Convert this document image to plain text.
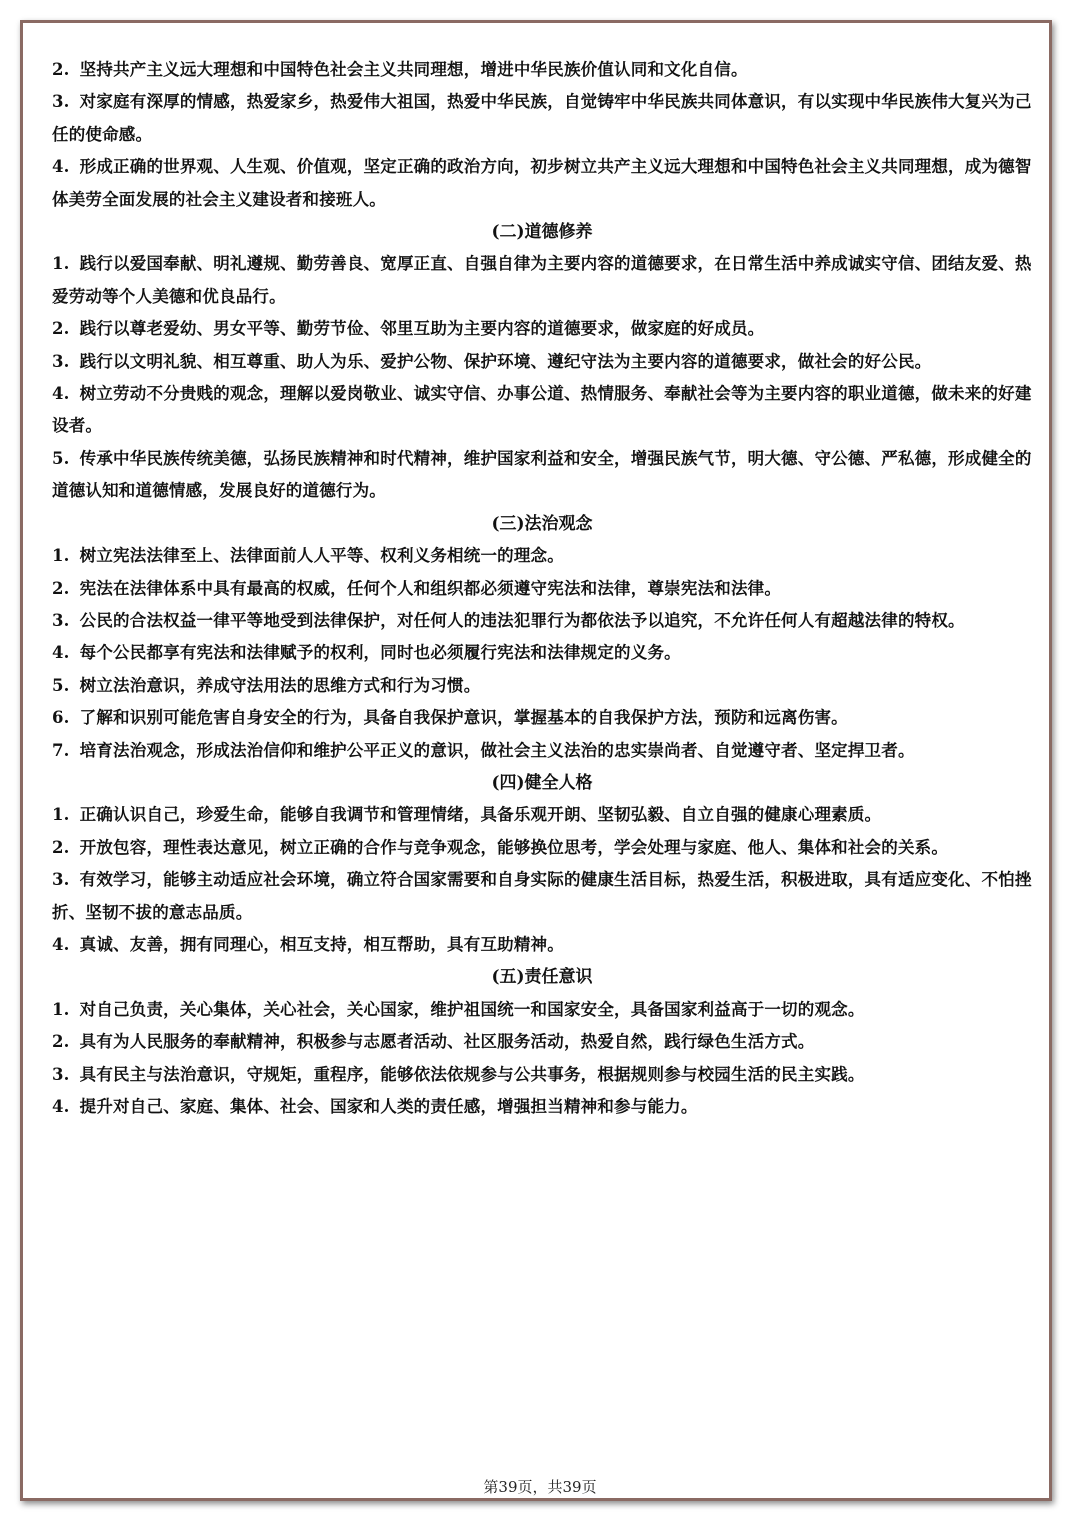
2. 坚持共产主义远大理想和中国特色社会主义共同理想，增进中华民族价值认同和文化自信。

3. 对家庭有深厚的情感，热爱家乡，热爱伟大祖国，热爱中华民族，自觉铸牢中华民族共同体意识，有以实现中华民族伟大复兴为己任的使命感。

4. 形成正确的世界观、人生观、价值观，坚定正确的政治方向，初步树立共产主义远大理想和中国特色社会主义共同理想，成为德智体美劳全面发展的社会主义建设者和接班人。

(二)道德修养

1. 践行以爱国奉献、明礼遵规、勤劳善良、宽厚正直、自强自律为主要内容的道德要求，在日常生活中养成诚实守信、团结友爱、热爱劳动等个人美德和优良品行。

2. 践行以尊老爱幼、男女平等、勤劳节俭、邻里互助为主要内容的道德要求，做家庭的好成员。

3. 践行以文明礼貌、相互尊重、助人为乐、爱护公物、保护环境、遵纪守法为主要内容的道德要求，做社会的好公民。

4. 树立劳动不分贵贱的观念，理解以爱岗敬业、诚实守信、办事公道、热情服务、奉献社会等为主要内容的职业道德，做未来的好建设者。

5. 传承中华民族传统美德，弘扬民族精神和时代精神，维护国家利益和安全，增强民族气节，明大德、守公德、严私德，形成健全的道德认知和道德情感，发展良好的道德行为。

(三)法治观念

1. 树立宪法法律至上、法律面前人人平等、权利义务相统一的理念。

2. 宪法在法律体系中具有最高的权威，任何个人和组织都必须遵守宪法和法律，尊崇宪法和法律。

3. 公民的合法权益一律平等地受到法律保护，对任何人的违法犯罪行为都依法予以追究，不允许任何人有超越法律的特权。

4. 每个公民都享有宪法和法律赋予的权利，同时也必须履行宪法和法律规定的义务。

5. 树立法治意识，养成守法用法的思维方式和行为习惯。

6. 了解和识别可能危害自身安全的行为，具备自我保护意识，掌握基本的自我保护方法，预防和远离伤害。

7. 培育法治观念，形成法治信仰和维护公平正义的意识，做社会主义法治的忠实崇尚者、自觉遵守者、坚定捍卫者。

(四)健全人格

1. 正确认识自己，珍爱生命，能够自我调节和管理情绪，具备乐观开朗、坚韧弘毅、自立自强的健康心理素质。

2. 开放包容，理性表达意见，树立正确的合作与竞争观念，能够换位思考，学会处理与家庭、他人、集体和社会的关系。

3. 有效学习，能够主动适应社会环境，确立符合国家需要和自身实际的健康生活目标，热爱生活，积极进取，具有适应变化、不怕挫折、坚韧不拔的意志品质。

4. 真诚、友善，拥有同理心，相互支持，相互帮助，具有互助精神。

(五)责任意识

1. 对自己负责，关心集体，关心社会，关心国家，维护祖国统一和国家安全，具备国家利益高于一切的观念。

2. 具有为人民服务的奉献精神，积极参与志愿者活动、社区服务活动，热爱自然，践行绿色生活方式。

3. 具有民主与法治意识，守规矩，重程序，能够依法依规参与公共事务，根据规则参与校园生活的民主实践。

4. 提升对自己、家庭、集体、社会、国家和人类的责任感，增强担当精神和参与能力。

第39页，共39页
